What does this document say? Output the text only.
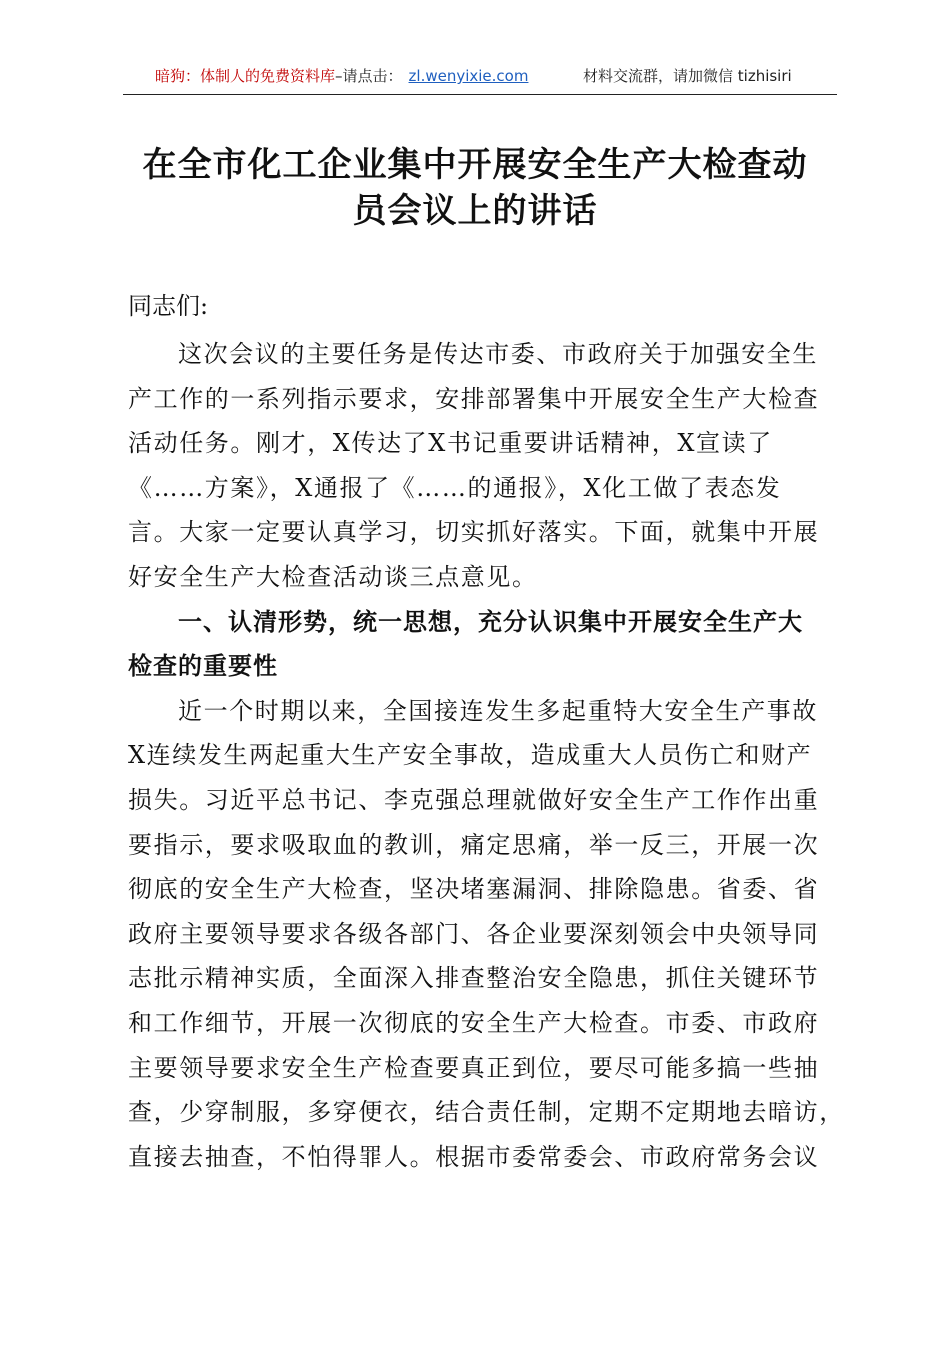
暗狗：体制人的免费资料库–请点击： zl.wenyixie.com	材料交流群，请加微信 tizhisiri
在全市化工企业集中开展安全生产大检查动
员会议上的讲话
同志们:
这次会议的主要任务是传达市委、市政府关于加强安全生
产工作的一系列指示要求，安排部署集中开展安全生产大检查
活动任务。刚才，X传达了X书记重要讲话精神，X宣读了
《……方案》，X通报了《……的通报》，X化工做了表态发
言。大家一定要认真学习，切实抓好落实。下面，就集中开展
好安全生产大检查活动谈三点意见。
一、认清形势，统一思想，充分认识集中开展安全生产大
检查的重要性
近一个时期以来，全国接连发生多起重特大安全生产事故
X连续发生两起重大生产安全事故，造成重大人员伤亡和财产
损失。习近平总书记、李克强总理就做好安全生产工作作出重
要指示，要求吸取血的教训，痛定思痛，举一反三，开展一次
彻底的安全生产大检查，坚决堵塞漏洞、排除隐患。省委、省
政府主要领导要求各级各部门、各企业要深刻领会中央领导同
志批示精神实质，全面深入排查整治安全隐患，抓住关键环节
和工作细节，开展一次彻底的安全生产大检查。市委、市政府
主要领导要求安全生产检查要真正到位，要尽可能多搞一些抽
查，少穿制服，多穿便衣，结合责任制，定期不定期地去暗访，
直接去抽查，不怕得罪人。根据市委常委会、市政府常务会议
